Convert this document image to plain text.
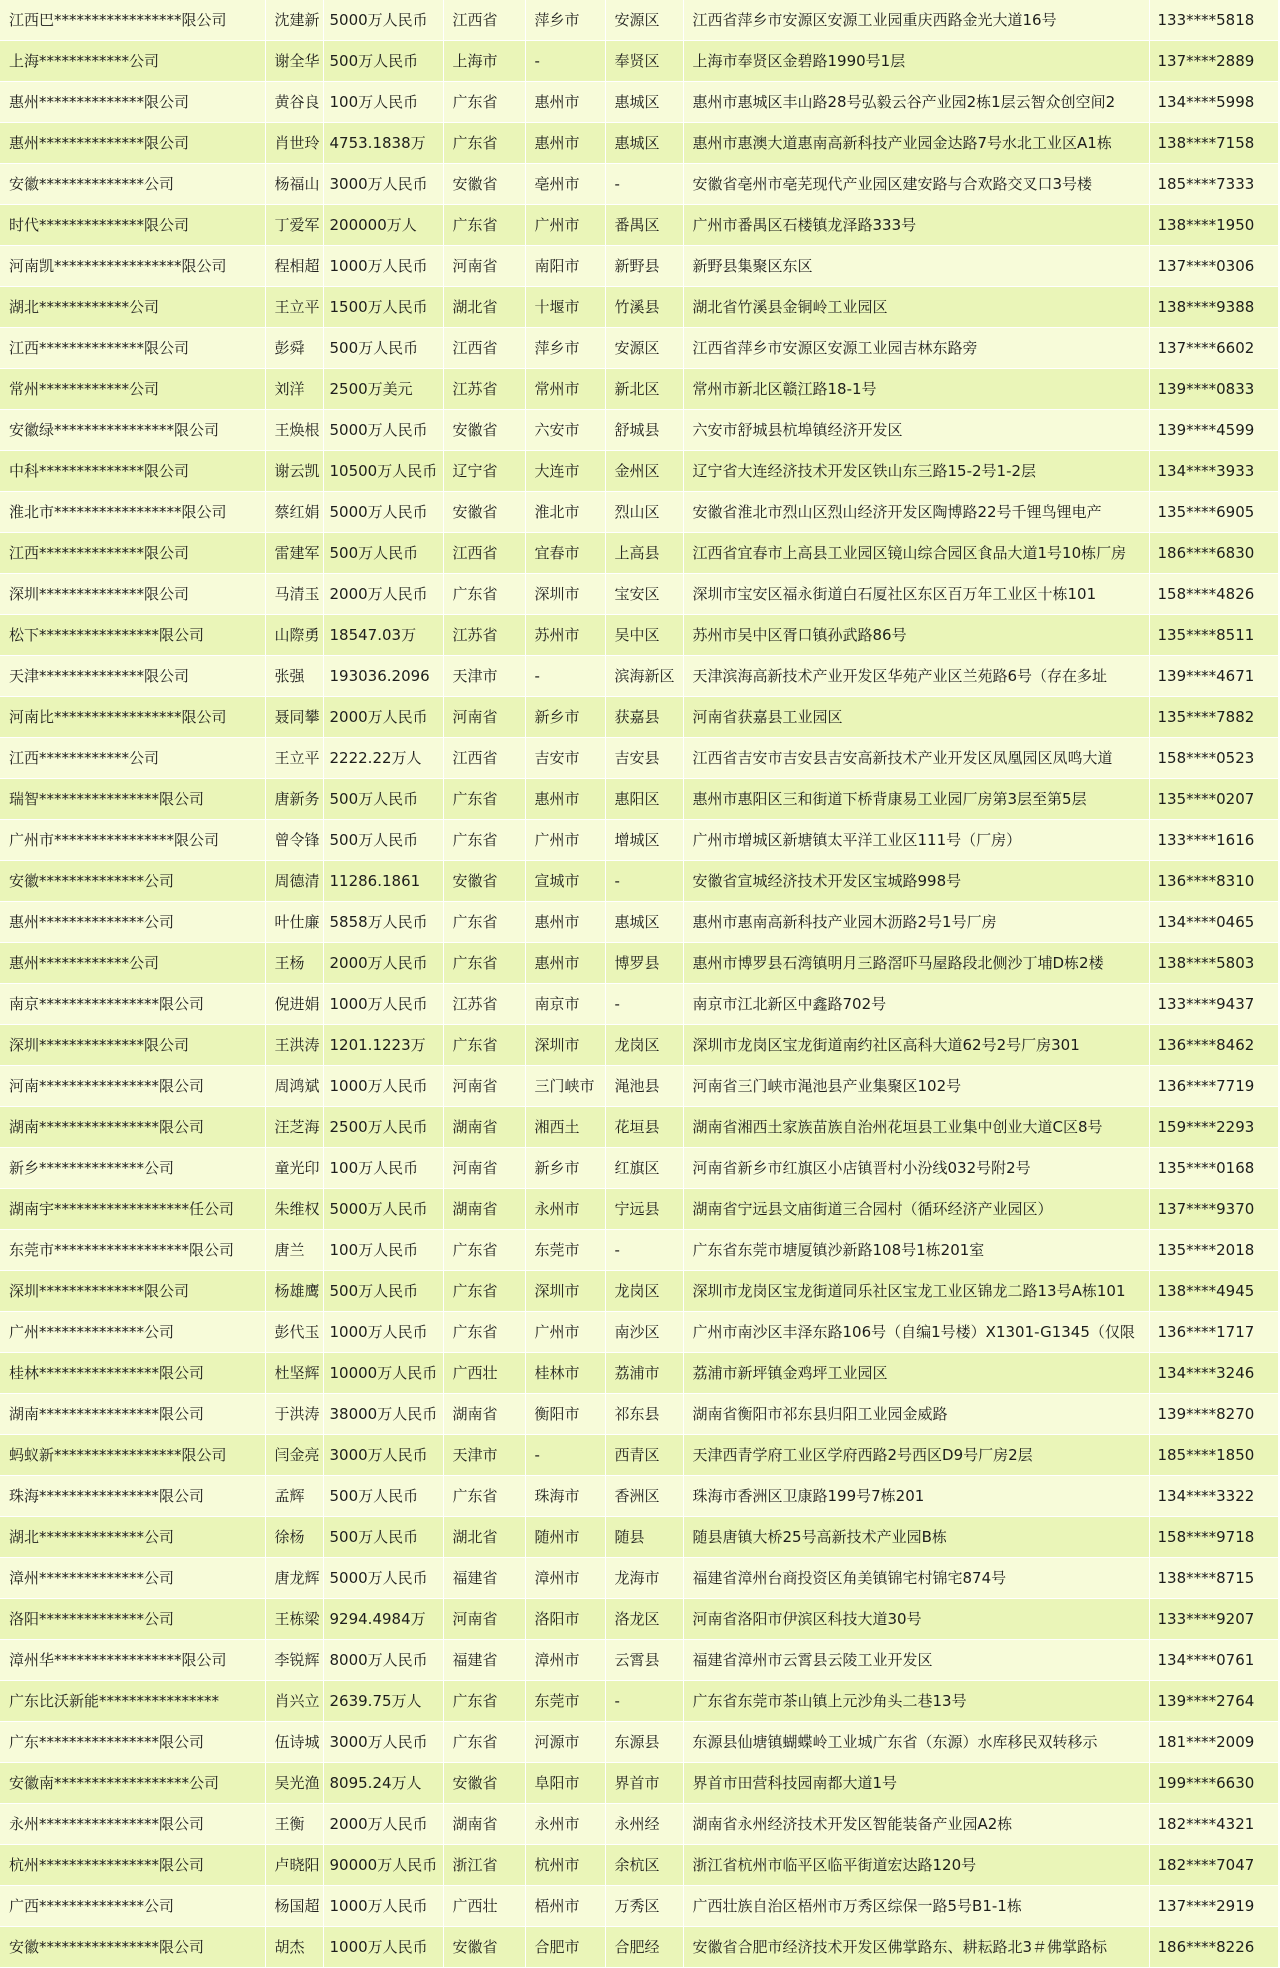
江西巴*****************限公司	沈建新	5000万人民币	江西省	萍乡市	安源区	江西省萍乡市安源区安源工业园重庆西路金光大道16号	133****5818
上海************公司	谢全华	500万人民币	上海市	-	奉贤区	上海市奉贤区金碧路1990号1层	137****2889
惠州**************限公司	黄谷良	100万人民币	广东省	惠州市	惠城区	惠州市惠城区丰山路28号弘毅云谷产业园2栋1层云智众创空间2	134****5998
惠州**************限公司	肖世玲	4753.1838万	广东省	惠州市	惠城区	惠州市惠澳大道惠南高新科技产业园金达路7号水北工业区A1栋	138****7158
安徽**************公司	杨福山	3000万人民币	安徽省	亳州市	-	安徽省亳州市亳芜现代产业园区建安路与合欢路交叉口3号楼	185****7333
时代**************限公司	丁爱军	200000万人	广东省	广州市	番禺区	广州市番禺区石楼镇龙泽路333号	138****1950
河南凯*****************限公司	程相超	1000万人民币	河南省	南阳市	新野县	新野县集聚区东区	137****0306
湖北************公司	王立平	1500万人民币	湖北省	十堰市	竹溪县	湖北省竹溪县金铜岭工业园区	138****9388
江西**************限公司	彭舜	500万人民币	江西省	萍乡市	安源区	江西省萍乡市安源区安源工业园吉林东路旁	137****6602
常州************公司	刘洋	2500万美元	江苏省	常州市	新北区	常州市新北区赣江路18-1号	139****0833
安徽绿****************限公司	王焕根	5000万人民币	安徽省	六安市	舒城县	六安市舒城县杭埠镇经济开发区	139****4599
中科**************限公司	谢云凯	10500万人民币	辽宁省	大连市	金州区	辽宁省大连经济技术开发区铁山东三路15-2号1-2层	134****3933
淮北市*****************限公司	蔡红娟	5000万人民币	安徽省	淮北市	烈山区	安徽省淮北市烈山区烈山经济开发区陶博路22号千锂鸟锂电产	135****6905
江西**************限公司	雷建军	500万人民币	江西省	宜春市	上高县	江西省宜春市上高县工业园区镜山综合园区食品大道1号10栋厂房	186****6830
深圳**************限公司	马清玉	2000万人民币	广东省	深圳市	宝安区	深圳市宝安区福永街道白石厦社区东区百万年工业区十栋101	158****4826
松下****************限公司	山際勇	18547.03万	江苏省	苏州市	吴中区	苏州市吴中区胥口镇孙武路86号	135****8511
天津**************限公司	张强	193036.2096	天津市	-	滨海新区	天津滨海高新技术产业开发区华苑产业区兰苑路6号（存在多址	139****4671
河南比*****************限公司	聂同攀	2000万人民币	河南省	新乡市	获嘉县	河南省获嘉县工业园区	135****7882
江西************公司	王立平	2222.22万人	江西省	吉安市	吉安县	江西省吉安市吉安县吉安高新技术产业开发区凤凰园区凤鸣大道	158****0523
瑞智****************限公司	唐新务	500万人民币	广东省	惠州市	惠阳区	惠州市惠阳区三和街道下桥背康易工业园厂房第3层至第5层	135****0207
广州市****************限公司	曾令锋	500万人民币	广东省	广州市	增城区	广州市增城区新塘镇太平洋工业区111号（厂房）	133****1616
安徽**************公司	周德清	11286.1861	安徽省	宣城市	-	安徽省宣城经济技术开发区宝城路998号	136****8310
惠州**************公司	叶仕廉	5858万人民币	广东省	惠州市	惠城区	惠州市惠南高新科技产业园木沥路2号1号厂房	134****0465
惠州************公司	王杨	2000万人民币	广东省	惠州市	博罗县	惠州市博罗县石湾镇明月三路滘吓马屋路段北侧沙丁埔D栋2楼	138****5803
南京****************限公司	倪进娟	1000万人民币	江苏省	南京市	-	南京市江北新区中鑫路702号	133****9437
深圳**************限公司	王洪涛	1201.1223万	广东省	深圳市	龙岗区	深圳市龙岗区宝龙街道南约社区高科大道62号2号厂房301	136****8462
河南****************限公司	周鸿斌	1000万人民币	河南省	三门峡市	渑池县	河南省三门峡市渑池县产业集聚区102号	136****7719
湖南****************限公司	汪芝海	2500万人民币	湖南省	湘西土	花垣县	湖南省湘西土家族苗族自治州花垣县工业集中创业大道C区8号	159****2293
新乡**************公司	童光印	100万人民币	河南省	新乡市	红旗区	河南省新乡市红旗区小店镇晋村小汾线032号附2号	135****0168
湖南宇******************任公司	朱维权	5000万人民币	湖南省	永州市	宁远县	湖南省宁远县文庙街道三合园村（循环经济产业园区）	137****9370
东莞市******************限公司	唐兰	100万人民币	广东省	东莞市	-	广东省东莞市塘厦镇沙新路108号1栋201室	135****2018
深圳**************限公司	杨雄鹰	500万人民币	广东省	深圳市	龙岗区	深圳市龙岗区宝龙街道同乐社区宝龙工业区锦龙二路13号A栋101	138****4945
广州**************公司	彭代玉	1000万人民币	广东省	广州市	南沙区	广州市南沙区丰泽东路106号（自编1号楼）X1301-G1345（仅限	136****1717
桂林****************限公司	杜坚辉	10000万人民币	广西壮	桂林市	荔浦市	荔浦市新坪镇金鸡坪工业园区	134****3246
湖南****************限公司	于洪涛	38000万人民币	湖南省	衡阳市	祁东县	湖南省衡阳市祁东县归阳工业园金威路	139****8270
蚂蚁新*****************限公司	闫金亮	3000万人民币	天津市	-	西青区	天津西青学府工业区学府西路2号西区D9号厂房2层	185****1850
珠海****************限公司	孟辉	500万人民币	广东省	珠海市	香洲区	珠海市香洲区卫康路199号7栋201	134****3322
湖北**************公司	徐杨	500万人民币	湖北省	随州市	随县	随县唐镇大桥25号高新技术产业园B栋	158****9718
漳州**************公司	唐龙辉	5000万人民币	福建省	漳州市	龙海市	福建省漳州台商投资区角美镇锦宅村锦宅874号	138****8715
洛阳**************公司	王栋梁	9294.4984万	河南省	洛阳市	洛龙区	河南省洛阳市伊滨区科技大道30号	133****9207
漳州华*****************限公司	李锐辉	8000万人民币	福建省	漳州市	云霄县	福建省漳州市云霄县云陵工业开发区	134****0761
广东比沃新能****************	肖兴立	2639.75万人	广东省	东莞市	-	广东省东莞市茶山镇上元沙角头二巷13号	139****2764
广东****************限公司	伍诗城	3000万人民币	广东省	河源市	东源县	东源县仙塘镇蝴蝶岭工业城广东省（东源）水库移民双转移示	181****2009
安徽南******************公司	吴光渔	8095.24万人	安徽省	阜阳市	界首市	界首市田营科技园南都大道1号	199****6630
永州****************限公司	王衡	2000万人民币	湖南省	永州市	永州经	湖南省永州经济技术开发区智能装备产业园A2栋	182****4321
杭州****************限公司	卢晓阳	90000万人民币	浙江省	杭州市	余杭区	浙江省杭州市临平区临平街道宏达路120号	182****7047
广西**************公司	杨国超	1000万人民币	广西壮	梧州市	万秀区	广西壮族自治区梧州市万秀区综保一路5号B1-1栋	137****2919
安徽****************限公司	胡杰	1000万人民币	安徽省	合肥市	合肥经	安徽省合肥市经济技术开发区佛掌路东、耕耘路北3＃佛掌路标	186****8226
